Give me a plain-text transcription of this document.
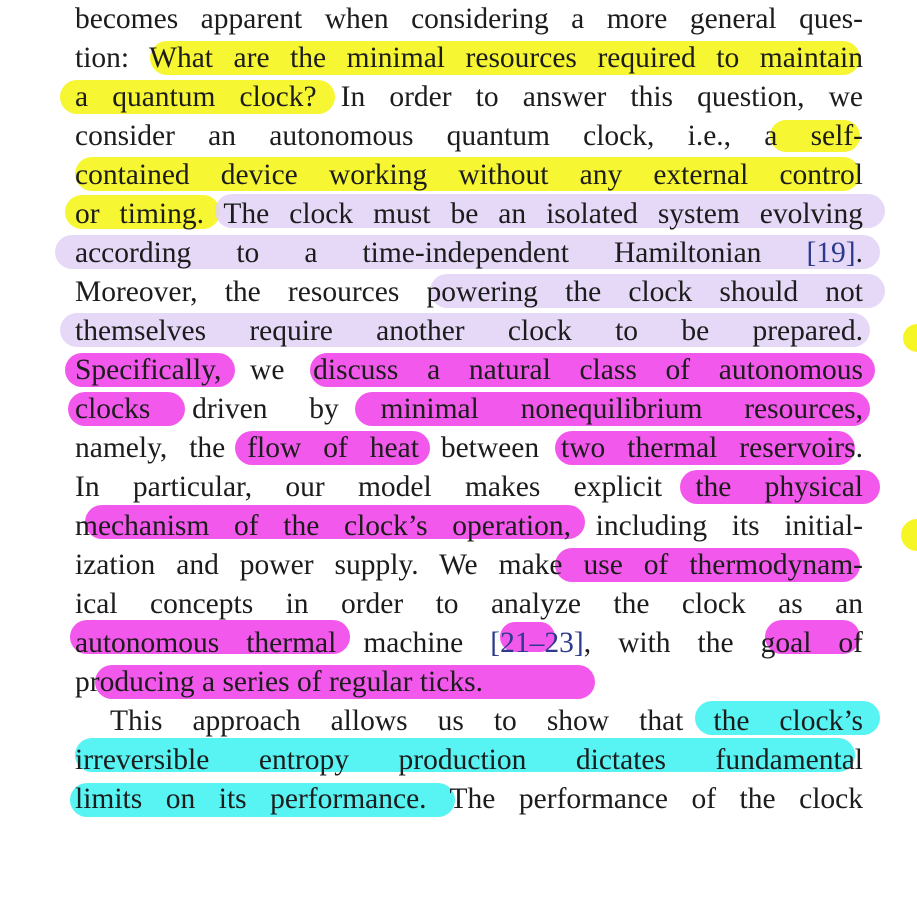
becomes apparent when considering a more general ques-
tion: What are the minimal resources required to maintain
a quantum clock? In order to answer this question, we
consider an autonomous quantum clock, i.e., a self-
contained device working without any external control
or timing. The clock must be an isolated system evolving
according to a time-independent Hamiltonian [19].
Moreover, the resources powering the clock should not
themselves require another clock to be prepared.
Specifically, we discuss a natural class of autonomous
clocks driven by minimal nonequilibrium resources,
namely, the flow of heat between two thermal reservoirs.
In particular, our model makes explicit the physical
mechanism of the clock’s operation, including its initial-
ization and power supply. We make use of thermodynam-
ical concepts in order to analyze the clock as an
autonomous thermal machine [21–23], with the goal of
producing a series of regular ticks.
This approach allows us to show that the clock’s
irreversible entropy production dictates fundamental
limits on its performance. The performance of the clock
